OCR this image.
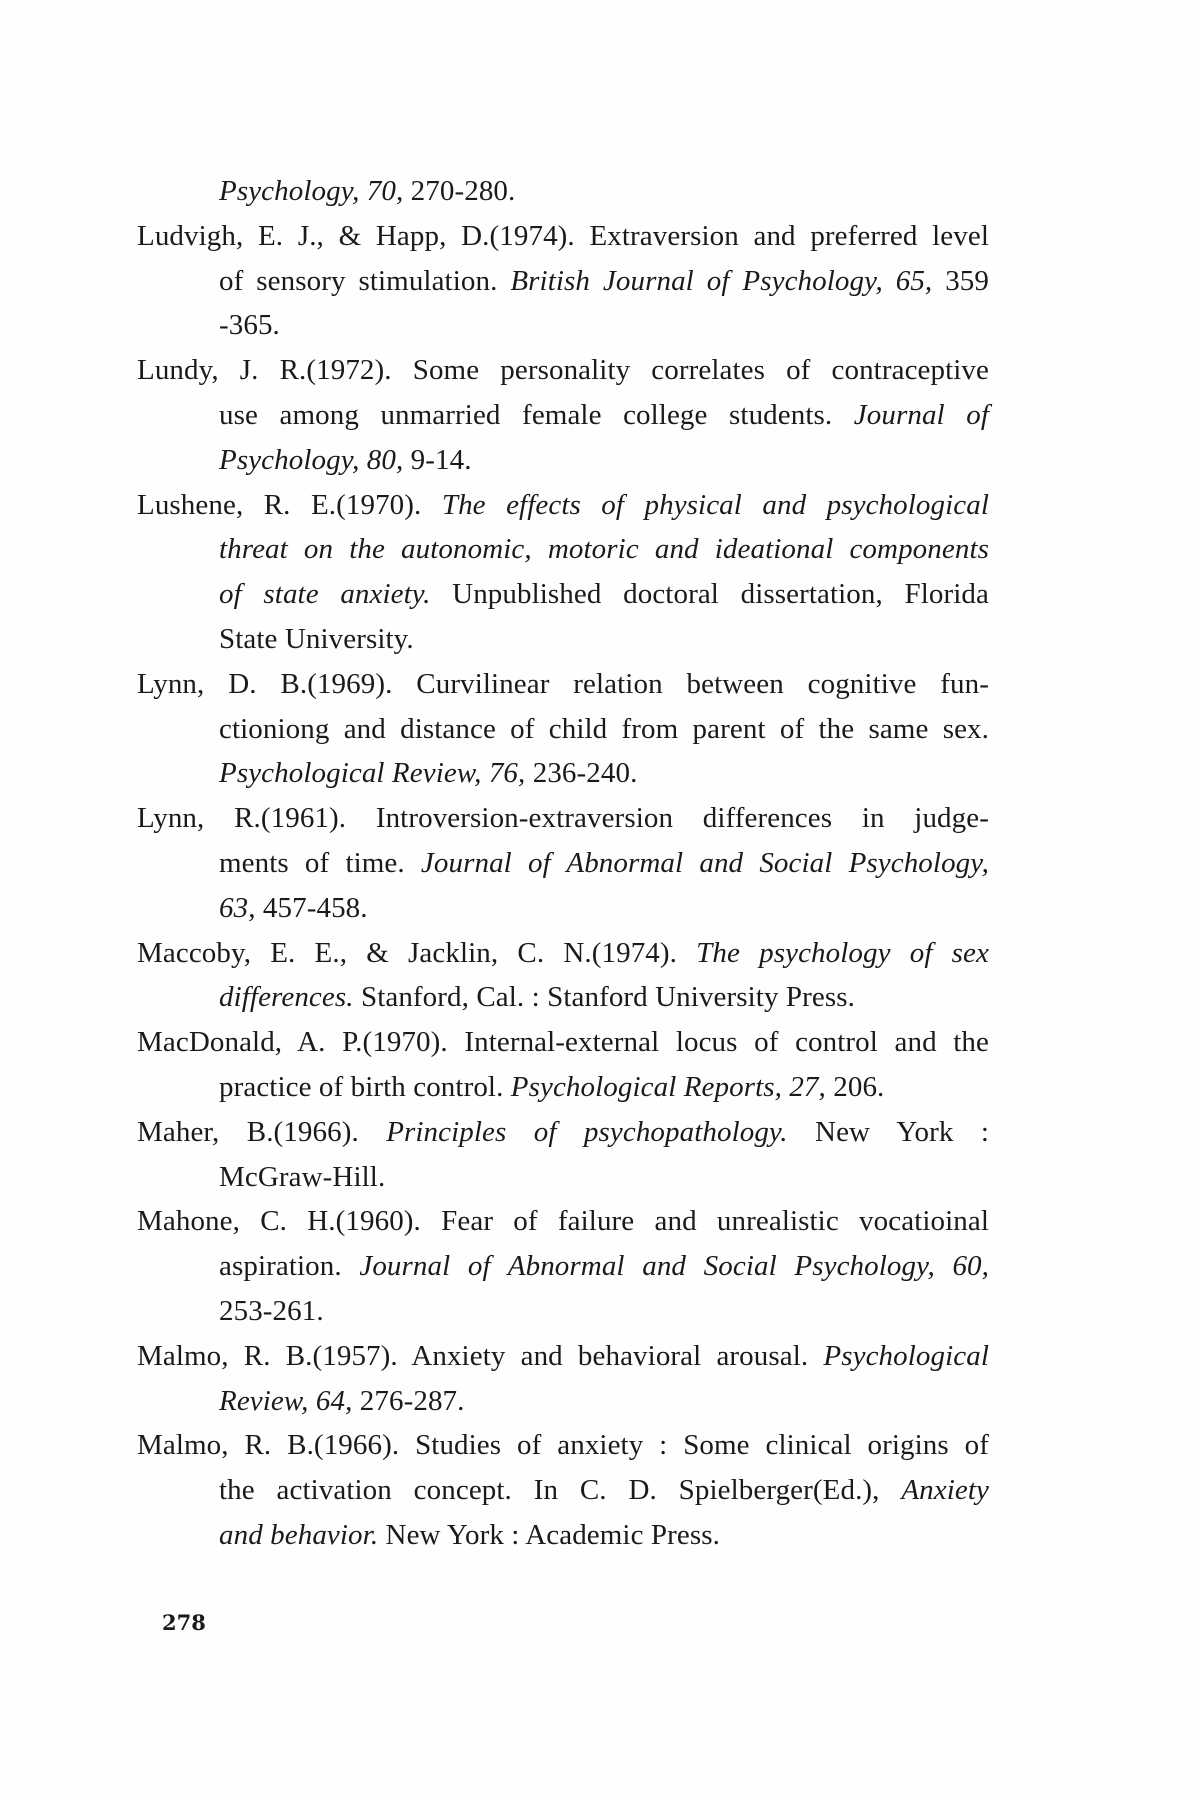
Psychology, 70, 270-280.
Ludvigh, E. J., & Happ, D.(1974). Extraversion and preferred level
of sensory stimulation. British Journal of Psychology, 65, 359
-365.
Lundy, J. R.(1972). Some personality correlates of contraceptive
use among unmarried female college students. Journal of
Psychology, 80, 9-14.
Lushene, R. E.(1970). The effects of physical and psychological
threat on the autonomic, motoric and ideational components
of state anxiety. Unpublished doctoral dissertation, Florida
State University.
Lynn, D. B.(1969). Curvilinear relation between cognitive fun-
ctioniong and distance of child from parent of the same sex.
Psychological Review, 76, 236-240.
Lynn, R.(1961). Introversion-extraversion differences in judge-
ments of time. Journal of Abnormal and Social Psychology,
63, 457-458.
Maccoby, E. E., & Jacklin, C. N.(1974). The psychology of sex
differences. Stanford, Cal. : Stanford University Press.
MacDonald, A. P.(1970). Internal-external locus of control and the
practice of birth control. Psychological Reports, 27, 206.
Maher, B.(1966). Principles of psychopathology. New York :
McGraw-Hill.
Mahone, C. H.(1960). Fear of failure and unrealistic vocatioinal
aspiration. Journal of Abnormal and Social Psychology, 60,
253-261.
Malmo, R. B.(1957). Anxiety and behavioral arousal. Psychological
Review, 64, 276-287.
Malmo, R. B.(1966). Studies of anxiety : Some clinical origins of
the activation concept. In C. D. Spielberger(Ed.), Anxiety
and behavior. New York : Academic Press.
278
